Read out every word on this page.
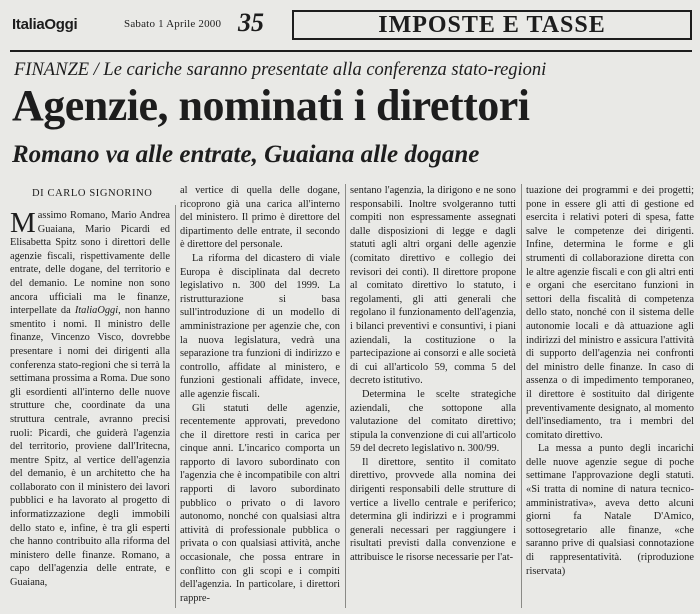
ItaliaOggi	Sabato 1 Aprile 2000 35	IMPOSTE E TASSE
FINANZE / Le cariche saranno presentate alla conferenza stato-regioni
Agenzie, nominati i direttori
Romano va alle entrate, Guaiana alle dogane
DI CARLO SIGNORINO

Massimo Romano, Mario Andrea Guaiana, Mario Picardi ed Elisabetta Spitz sono i direttori delle agenzie fiscali, rispettivamente delle entrate, delle dogane, del territorio e del demanio. Le nomine non sono ancora ufficiali ma le finanze, interpellate da ItaliaOggi, non hanno smentito i nomi. Il ministro delle finanze, Vincenzo Visco, dovrebbe presentare i nomi dei dirigenti alla conferenza stato-regioni che si terrà la settimana prossima a Roma. Due sono gli esordienti all'interno delle nuove strutture che, coordinate da una struttura centrale, avranno precisi ruoli: Picardi, che guiderà l'agenzia del territorio, proviene dall'Iritecna, mentre Spitz, al vertice dell'agenzia del demanio, è un architetto che ha collaborato con il ministero dei lavori pubblici e ha lavorato al progetto di informatizzazione degli immobili dello stato e, infine, è tra gli esperti che hanno contribuito alla riforma del ministero delle finanze. Romano, a capo dell'agenzia delle entrate, e Guaiana,

al vertice di quella delle dogane, ricoprono già una carica all'interno del ministero. Il primo è direttore del dipartimento delle entrate, il secondo è direttore del personale.

La riforma del dicastero di viale Europa è disciplinata dal decreto legislativo n. 300 del 1999. La ristrutturazione si basa sull'introduzione di un modello di amministrazione per agenzie che, con la nuova legislatura, vedrà una separazione tra funzioni di indirizzo e controllo, affidate al ministero, e funzioni gestionali affidate, invece, alle agenzie fiscali.

Gli statuti delle agenzie, recentemente approvati, prevedono che il direttore resti in carica per cinque anni. L'incarico comporta un rapporto di lavoro subordinato con l'agenzia che è incompatibile con altri rapporti di lavoro subordinato pubblico o privato o di lavoro autonomo, nonché con qualsiasi altra attività di professionale pubblica o privata o con qualsiasi attività, anche occasionale, che possa entrare in conflitto con gli scopi e i compiti dell'agenzia. In particolare, i direttori rappre-

sentano l'agenzia, la dirigono e ne sono responsabili. Inoltre svolgeranno tutti compiti non espressamente assegnati dalle disposizioni di legge e dagli statuti agli altri organi delle agenzie (comitato direttivo e collegio dei revisori dei conti). Il direttore propone al comitato direttivo lo statuto, i regolamenti, gli atti generali che regolano il funzionamento dell'agenzia, i bilanci preventivi e consuntivi, i piani aziendali, la costituzione o la partecipazione ai consorzi e alle società di cui all'articolo 59, comma 5 del decreto istitutivo.

Determina le scelte strategiche aziendali, che sottopone alla valutazione del comitato direttivo; stipula la convenzione di cui all'articolo 59 del decreto legislativo n. 300/99.

Il direttore, sentito il comitato direttivo, provvede alla nomina dei dirigenti responsabili delle strutture di vertice a livello centrale e periferico; determina gli indirizzi e i programmi generali necessari per raggiungere i risultati previsti dalla convenzione e attribuisce le risorse necessarie per l'at-

tuazione dei programmi e dei progetti; pone in essere gli atti di gestione ed esercita i relativi poteri di spesa, fatte salve le competenze dei dirigenti. Infine, determina le forme e gli strumenti di collaborazione diretta con le altre agenzie fiscali e con gli altri enti e organi che esercitano funzioni in settori della fiscalità di competenza dello stato, nonché con il sistema delle autonomie locali e dà attuazione agli indirizzi del ministro e assicura l'attività di supporto dell'agenzia nei confronti del ministro delle finanze. In caso di assenza o di impedimento temporaneo, il direttore è sostituito dal dirigente preventivamente designato, al momento dell'insediamento, tra i membri del comitato direttivo.

La messa a punto degli incarichi delle nuove agenzie segue di poche settimane l'approvazione degli statuti. «Si tratta di nomine di natura tecnico-amministrativa», aveva detto alcuni giorni fa Natale D'Amico, sottosegretario alle finanze, «che saranno prive di qualsiasi connotazione di rappresentatività. (riproduzione riservata)
